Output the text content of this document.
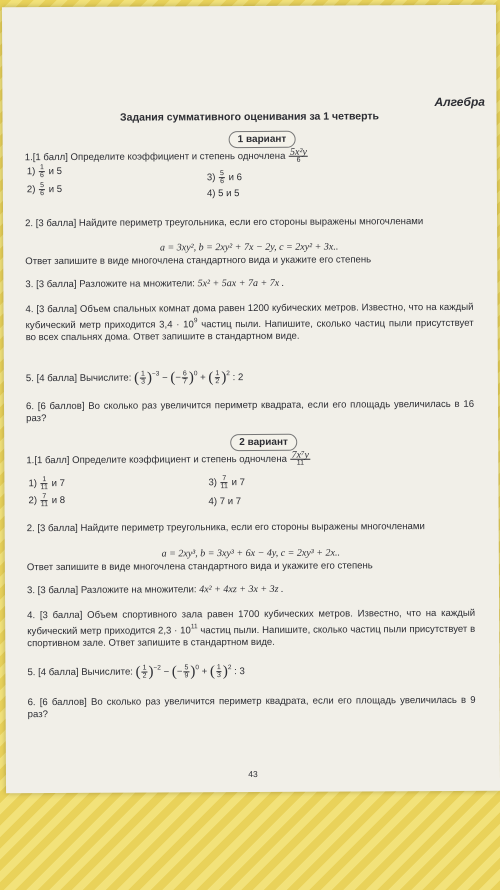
Алгебра
Задания суммативного оценивания за 1 четверть
1 вариант
1.[1 балл] Определите коэффициент и степень одночлена $\frac{\text{5x²y}}{6}$
$1) \frac{1}{6}$ и 5
$2) \frac{5}{6}$ и 5
$3) \frac{5}{6}$ и 6
4) 5 и 5
2. [3 балла] Найдите периметр треугольника, если его стороны выражены многочленами
a = 3xy², b = 2xy² + 7x − 2y, c = 2xy² + 3x..
Ответ запишите в виде многочлена стандартного вида и укажите его степень
3. [3 балла] Разложите на множители: 5x² + 5ax + 7a + 7x .
4. [3 балла] Объем спальных комнат дома равен 1200 кубических метров. Известно, что на каждый кубический метр приходится $3,4 \cdot 10^9$ частиц пыли. Напишите, сколько частиц пыли присутствует во всех спальнях дома. Ответ запишите в стандартном виде.
5. [4 балла] Вычислите: ( $\frac{1}{3} )^{-3}$ − (− $\frac{6}{7} )^0$ + ( $\frac{1}{2} )^2$ : 2
6. [6 баллов] Во сколько раз увеличится периметр квадрата, если его площадь увеличилась в 16 раз?
2 вариант
1.[1 балл] Определите коэффициент и степень одночлена $\frac{\text{7x⁷y}}{11}$
$1) \frac{1}{11}$ и 7
$2) \frac{7}{11}$ и 8
$3) \frac{7}{11}$ и 7
4) 7 и 7
2. [3 балла] Найдите периметр треугольника, если его стороны выражены многочленами
a = 2xy³, b = 3xy³ + 6x − 4y, c = 2xy³ + 2x..
Ответ запишите в виде многочлена стандартного вида и укажите его степень
3. [3 балла] Разложите на множители: 4x² + 4xz + 3x + 3z .
4. [3 балла] Объем спортивного зала равен 1700 кубических метров. Известно, что на каждый кубический метр приходится $2,3 \cdot 10^{11}$ частиц пыли. Напишите, сколько частиц пыли присутствует в спортивном зале. Ответ запишите в стандартном виде.
5. [4 балла] Вычислите: ( $\frac{1}{2} )^{-2}$ − (− $\frac{5}{9} )^0$ + ( $\frac{1}{3} )^2$ : 3
6. [6 баллов] Во сколько раз увеличится периметр квадрата, если его площадь увеличилась в 9 раз?
43
